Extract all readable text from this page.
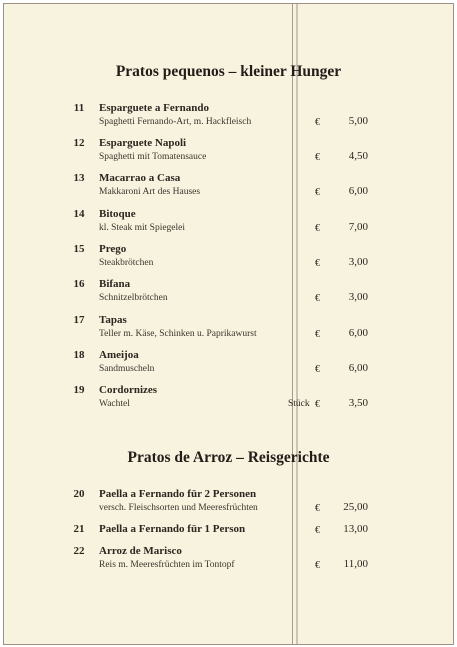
Pratos pequenos – kleiner Hunger
11	Esparguete a Fernando
Spaghetti Fernando-Art, m. Hackfleisch	€	5,00
12	Esparguete Napoli
Spaghetti mit Tomatensauce	€	4,50
13	Macarrao a Casa
Makkaroni Art des Hauses	€	6,00
14	Bitoque
kl. Steak mit Spiegelei	€	7,00
15	Prego
Steakbrötchen	€	3,00
16	Bifana
Schnitzelbrötchen	€	3,00
17	Tapas
Teller m. Käse, Schinken u. Paprikawurst	€	6,00
18	Ameijoa
Sandmuscheln	€	6,00
19	Cordornizes
Wachtel	Stück €	3,50
Pratos de Arroz – Reisgerichte
20	Paella a Fernando für 2 Personen
versch. Fleischsorten und Meeresfrüchten	€	25,00
21	Paella a Fernando für 1 Person	€	13,00
22	Arroz de Marisco
Reis m. Meeresfrüchten im Tontopf	€	11,00
